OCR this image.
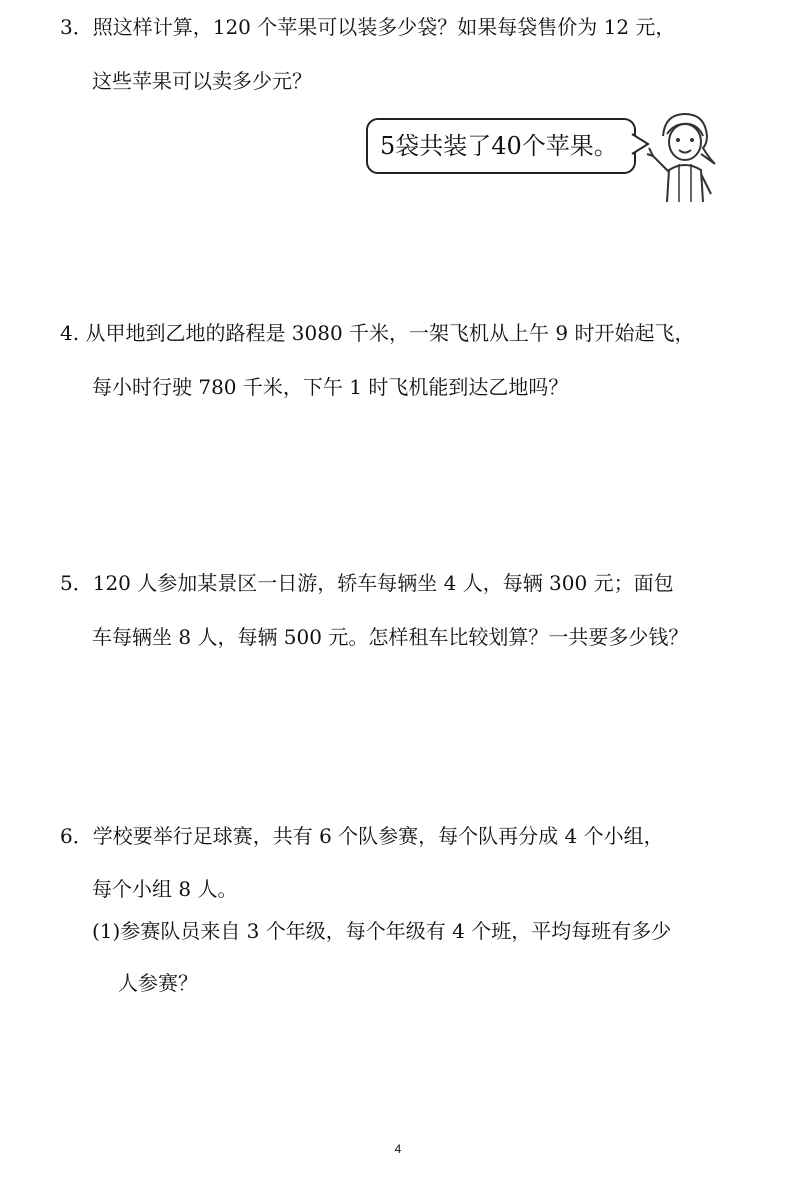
3．照这样计算，120 个苹果可以装多少袋？如果每袋售价为 12 元，
这些苹果可以卖多少元？
5袋共装了40个苹果。
4. 从甲地到乙地的路程是 3080 千米，一架飞机从上午 9 时开始起飞，
每小时行驶 780 千米，下午 1 时飞机能到达乙地吗？
5．120 人参加某景区一日游，轿车每辆坐 4 人，每辆 300 元；面包
车每辆坐 8 人，每辆 500 元。怎样租车比较划算？一共要多少钱？
6．学校要举行足球赛，共有 6 个队参赛，每个队再分成 4 个小组，
每个小组 8 人。
(1)参赛队员来自 3 个年级，每个年级有 4 个班，平均每班有多少
人参赛？
4
